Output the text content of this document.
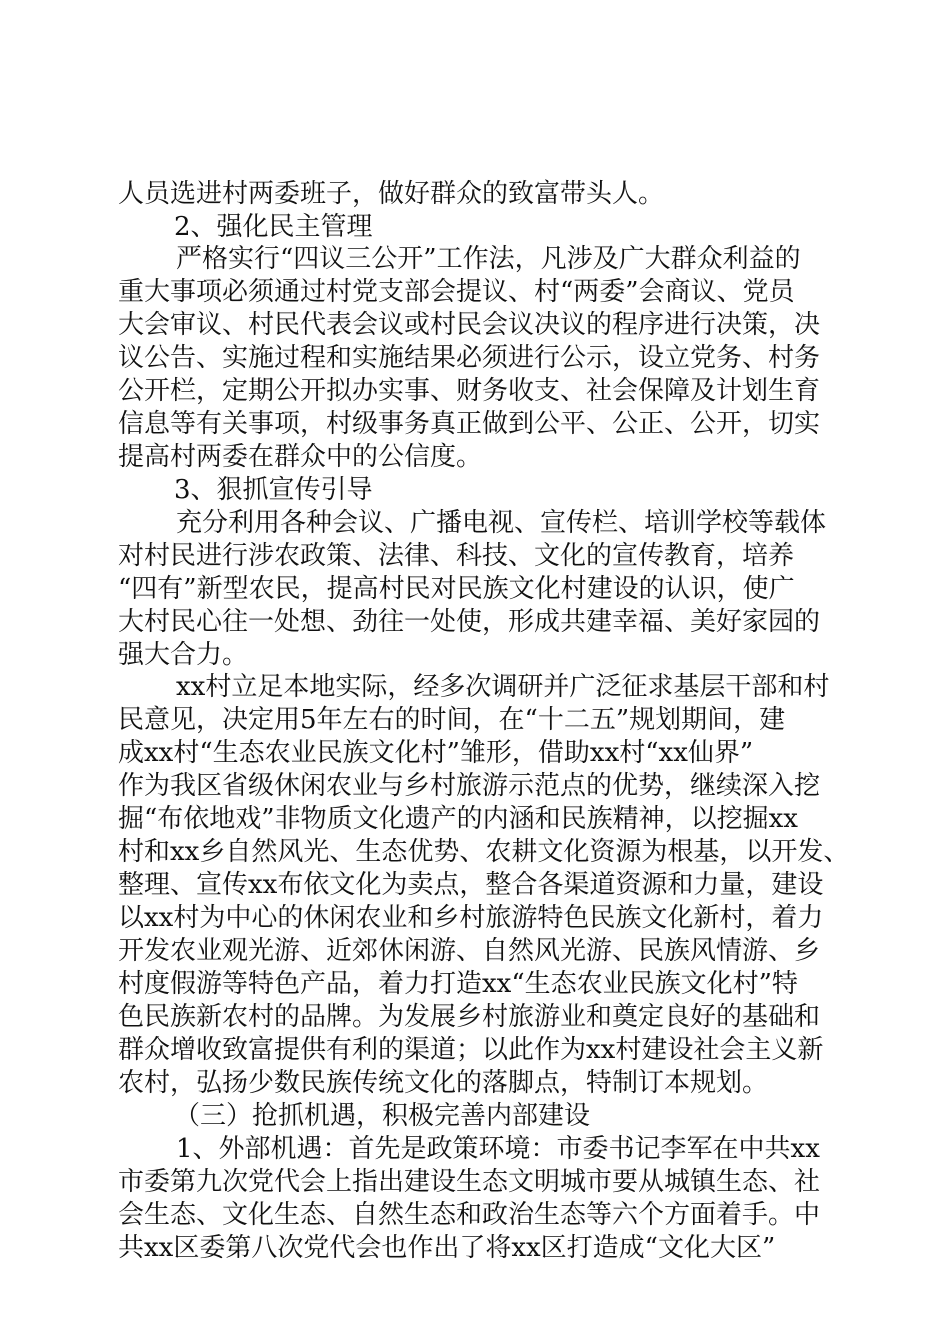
人员选进村两委班子，做好群众的致富带头人。
2、强化民主管理
严格实行“四议三公开”工作法，凡涉及广大群众利益的
重大事项必须通过村党支部会提议、村“两委”会商议、党员
大会审议、村民代表会议或村民会议决议的程序进行决策，决
议公告、实施过程和实施结果必须进行公示，设立党务、村务
公开栏，定期公开拟办实事、财务收支、社会保障及计划生育
信息等有关事项，村级事务真正做到公平、公正、公开，切实
提高村两委在群众中的公信度。
3、狠抓宣传引导
充分利用各种会议、广播电视、宣传栏、培训学校等载体
对村民进行涉农政策、法律、科技、文化的宣传教育，培养
“四有”新型农民，提高村民对民族文化村建设的认识，使广
大村民心往一处想、劲往一处使，形成共建幸福、美好家园的
强大合力。
xx村立足本地实际，经多次调研并广泛征求基层干部和村
民意见，决定用5年左右的时间，在“十二五”规划期间，建
成xx村“生态农业民族文化村”雏形，借助xx村“xx仙界”
作为我区省级休闲农业与乡村旅游示范点的优势，继续深入挖
掘“布依地戏”非物质文化遗产的内涵和民族精神，以挖掘xx
村和xx乡自然风光、生态优势、农耕文化资源为根基，以开发、
整理、宣传xx布依文化为卖点，整合各渠道资源和力量，建设
以xx村为中心的休闲农业和乡村旅游特色民族文化新村，着力
开发农业观光游、近郊休闲游、自然风光游、民族风情游、乡
村度假游等特色产品，着力打造xx“生态农业民族文化村”特
色民族新农村的品牌。为发展乡村旅游业和奠定良好的基础和
群众增收致富提供有利的渠道；以此作为xx村建设社会主义新
农村，弘扬少数民族传统文化的落脚点，特制订本规划。
（三）抢抓机遇，积极完善内部建设
1、外部机遇：首先是政策环境：市委书记李军在中共xx
市委第九次党代会上指出建设生态文明城市要从城镇生态、社
会生态、文化生态、自然生态和政治生态等六个方面着手。中
共xx区委第八次党代会也作出了将xx区打造成“文化大区”
